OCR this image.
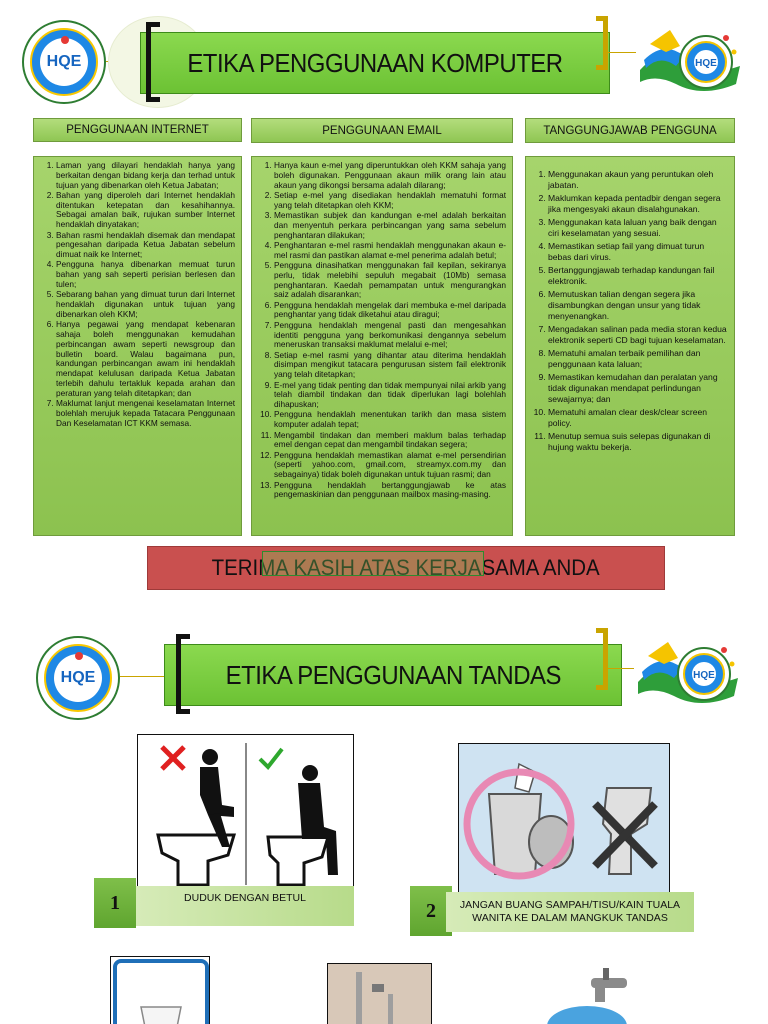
HQE	ETIKA PENGGUNAAN KOMPUTER	HQE
PENGGUNAAN INTERNET	PENGGUNAAN EMAIL	TANGGUNGJAWAB PENGGUNA
1. Laman yang dilayari hendaklah hanya yang berkaitan dengan bidang kerja dan terhad untuk tujuan yang dibenarkan oleh Ketua Jabatan;
2. Bahan yang diperoleh dari Internet hendaklah ditentukan ketepatan dan kesahihannya. Sebagai amalan baik, rujukan sumber Internet hendaklah dinyatakan;
3. Bahan rasmi hendaklah disemak dan mendapat pengesahan daripada Ketua Jabatan sebelum dimuat naik ke Internet;
4. Pengguna hanya dibenarkan memuat turun bahan yang sah seperti perisian berlesen dan tulen;
5. Sebarang bahan yang dimuat turun dari Internet hendaklah digunakan untuk tujuan yang dibenarkan oleh KKM;
6. Hanya pegawai yang mendapat kebenaran sahaja boleh menggunakan kemudahan perbincangan awam seperti newsgroup dan bulletin board. Walau bagaimana pun, kandungan perbincangan awam ini hendaklah mendapat kelulusan daripada Ketua Jabatan terlebih dahulu tertakluk kepada arahan dan peraturan yang telah ditetapkan; dan
7. Maklumat lanjut mengenai keselamatan Internet bolehlah merujuk kepada Tatacara Penggunaan Dan Keselamatan ICT KKM semasa.
1. Hanya kaun e-mel yang diperuntukkan oleh KKM sahaja yang boleh digunakan. Penggunaan akaun milik orang lain atau akaun yang dikongsi bersama adalah dilarang;
2. Setiap e-mel yang disediakan hendaklah mematuhi format yang telah ditetapkan oleh KKM;
3. Memastikan subjek dan kandungan e-mel adalah berkaitan dan menyentuh perkara perbincangan yang sama sebelum penghantaran dilakukan;
4. Penghantaran e-mel rasmi hendaklah menggunakan akaun e-mel rasmi dan pastikan alamat e-mel penerima adalah betul;
5. Pengguna dinasihatkan menggunakan fail kepilan, sekiranya perlu, tidak melebihi sepuluh megabait (10Mb) semasa penghantaran. Kaedah pemampatan untuk mengurangkan saiz adalah disarankan;
6. Pengguna hendaklah mengelak dari membuka e-mel daripada penghantar yang tidak diketahui atau diragui;
7. Pengguna hendaklah mengenal pasti dan mengesahkan identiti pengguna yang berkomunikasi dengannya sebelum meneruskan transaksi maklumat melalui e-mel;
8. Setiap e-mel rasmi yang dihantar atau diterima hendaklah disimpan mengikut tatacara pengurusan sistem fail elektronik yang telah ditetapkan;
9. E-mel yang tidak penting dan tidak mempunyai nilai arkib yang telah diambil tindakan dan tidak diperlukan lagi bolehlah dihapuskan;
10. Pengguna hendaklah menentukan tarikh dan masa sistem komputer adalah tepat;
11. Mengambil tindakan dan memberi maklum balas terhadap emel dengan cepat dan mengambil tindakan segera;
12. Pengguna hendaklah memastikan alamat e-mel persendirian (seperti yahoo.com, gmail.com, streamyx.com.my dan sebagainya) tidak boleh digunakan untuk tujuan rasmi; dan
13. Pengguna hendaklah bertanggungjawab ke atas pengemaskinian dan penggunaan mailbox masing-masing.
1. Menggunakan akaun yang peruntukan oleh jabatan.
2. Maklumkan kepada pentadbir dengan segera jika mengesyaki akaun disalahgunakan.
3. Menggunakan kata laluan yang baik dengan ciri keselamatan yang sesuai.
4. Memastikan setiap fail yang dimuat turun bebas dari virus.
5. Bertanggungjawab terhadap kandungan fail elektronik.
6. Memutuskan talian dengan segera jika disambungkan dengan unsur yang tidak menyenangkan.
7. Mengadakan salinan pada media storan kedua elektronik seperti CD bagi tujuan keselamatan.
8. Mematuhi amalan terbaik pemilihan dan penggunaan kata laluan;
9. Memastikan kemudahan dan peralatan yang tidak digunakan mendapat perlindungan sewajarnya; dan
10. Mematuhi amalan clear desk/clear screen policy.
11. Menutup semua suis selepas digunakan di hujung waktu bekerja.
TERIMA KASIH ATAS KERJASAMA ANDA
HQE	ETIKA PENGGUNAAN TANDAS	HQE
1	DUDUK DENGAN BETUL
2	JANGAN BUANG SAMPAH/TISU/KAIN TUALA WANITA KE DALAM MANGKUK TANDAS
